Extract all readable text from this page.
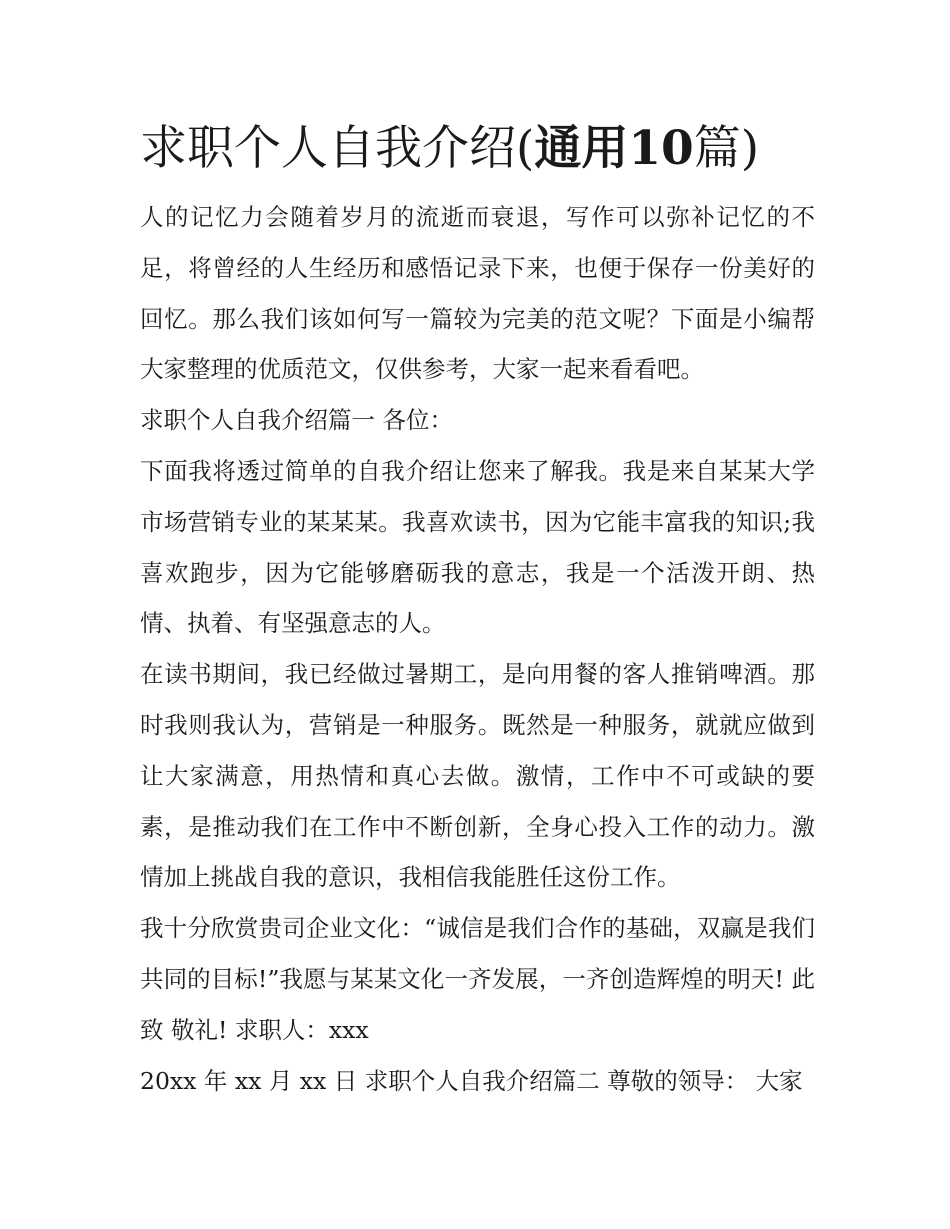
求职个人自我介绍(通用10篇)

人的记忆力会随着岁月的流逝而衰退，写作可以弥补记忆的不足，将曾经的人生经历和感悟记录下来，也便于保存一份美好的回忆。那么我们该如何写一篇较为完美的范文呢？下面是小编帮大家整理的优质范文，仅供参考，大家一起来看看吧。

求职个人自我介绍篇一 各位：

下面我将透过简单的自我介绍让您来了解我。我是来自某某大学市场营销专业的某某某。我喜欢读书，因为它能丰富我的知识;我喜欢跑步，因为它能够磨砺我的意志，我是一个活泼开朗、热情、执着、有坚强意志的人。

在读书期间，我已经做过暑期工，是向用餐的客人推销啤酒。那时我则我认为，营销是一种服务。既然是一种服务，就就应做到让大家满意，用热情和真心去做。激情，工作中不可或缺的要素，是推动我们在工作中不断创新，全身心投入工作的动力。激情加上挑战自我的意识，我相信我能胜任这份工作。

我十分欣赏贵司企业文化：“诚信是我们合作的基础，双赢是我们共同的目标!”我愿与某某文化一齐发展，一齐创造辉煌的明天! 此致 敬礼! 求职人：xxx

20xx 年 xx 月 xx 日 求职个人自我介绍篇二 尊敬的领导： 大家
